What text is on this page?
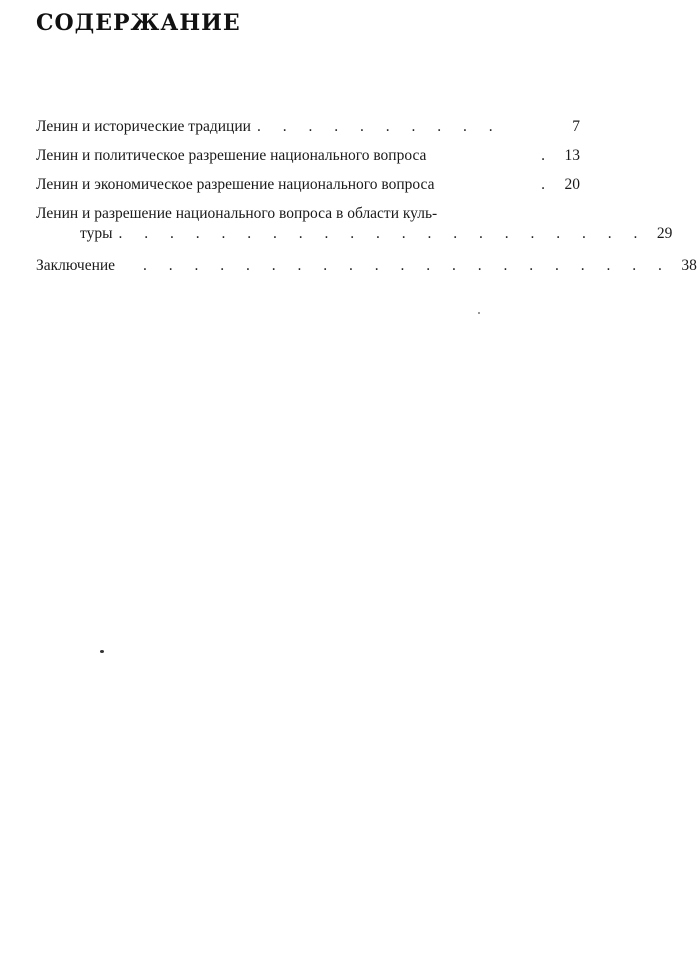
СОДЕРЖАНИЕ
Ленин и исторические традиции . . . . . . . . . .	7
Ленин и политическое разрешение национального вопроса	. 13
Ленин и экономическое разрешение национального вопроса	. 20
Ленин и разрешение национального вопроса в области куль-
туры . . . . . . . . . . . . . . . . . . . . . 29
Заключение . . . . . . . . . . . . . . . . . . . . . 38
